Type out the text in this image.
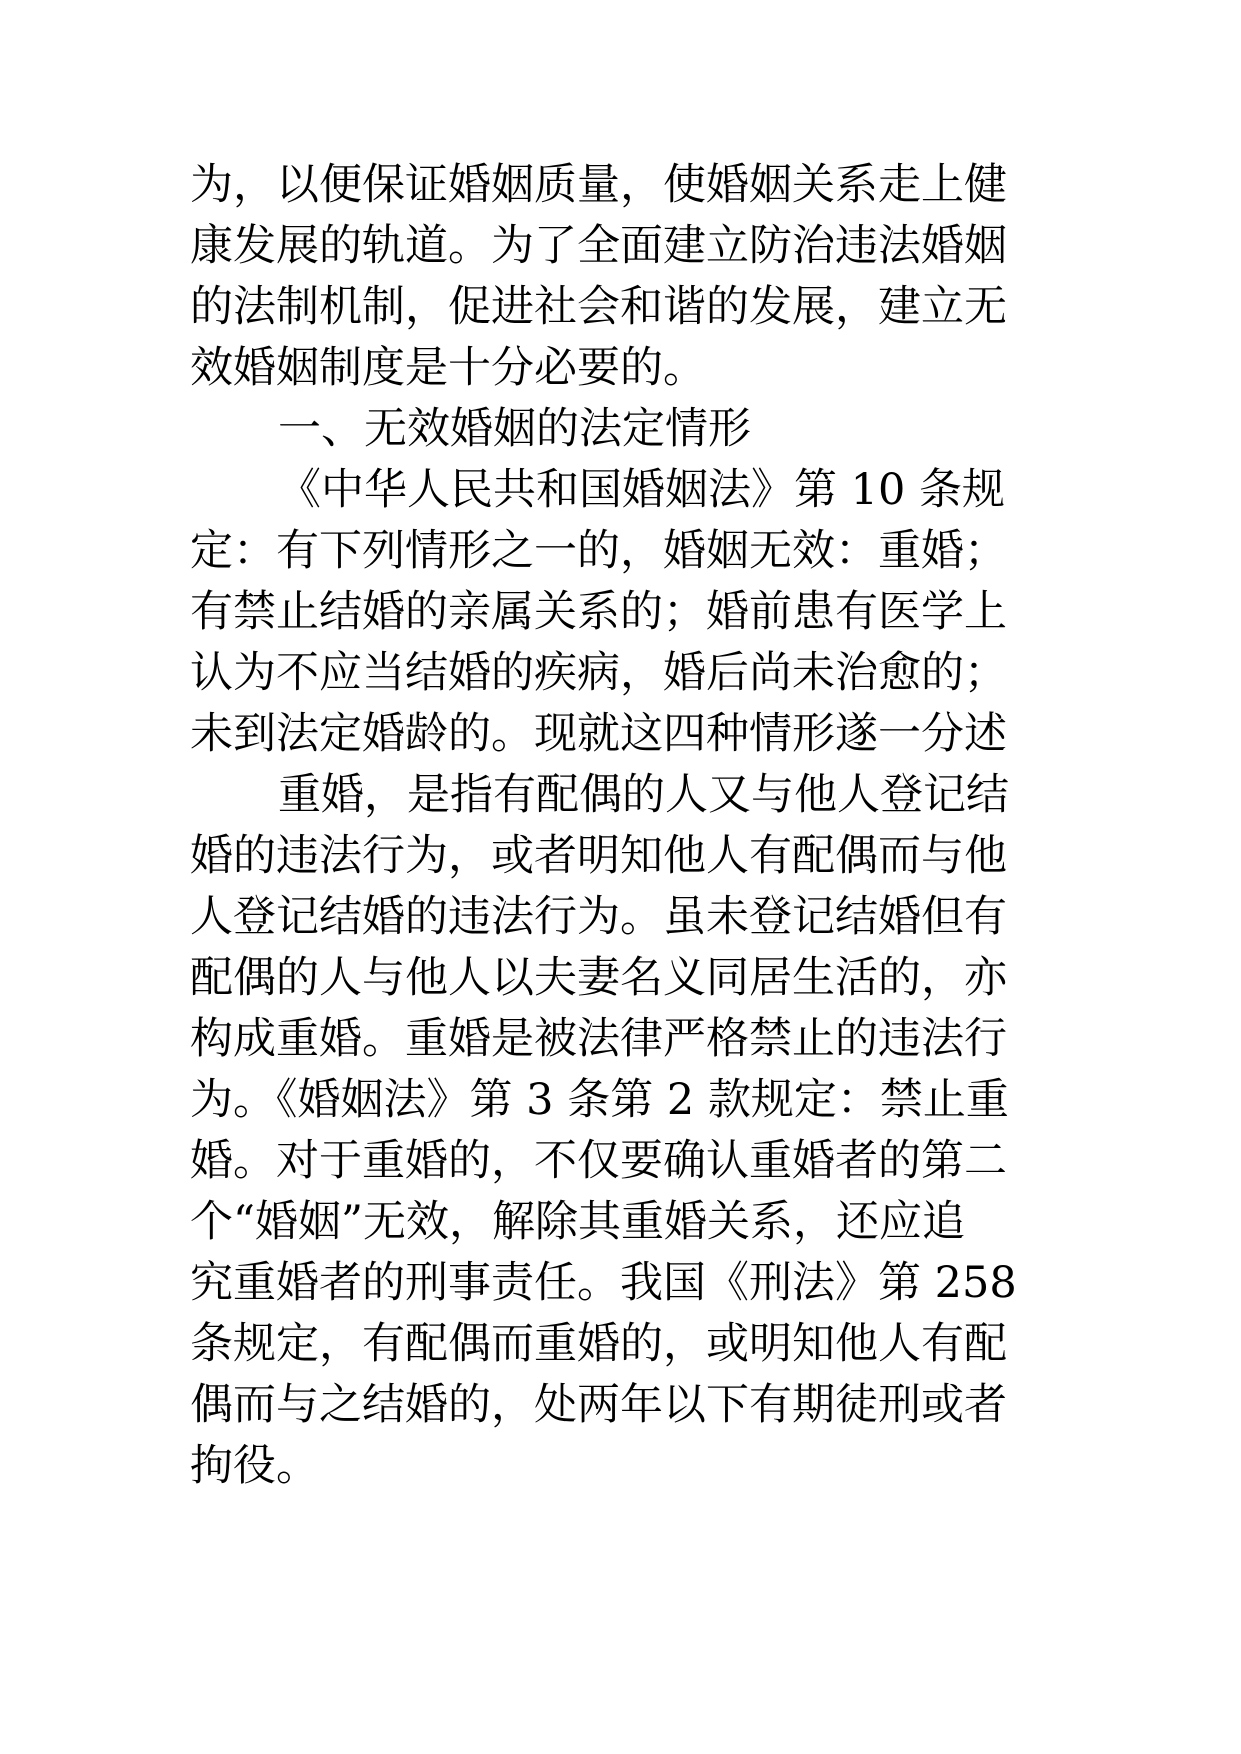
为，以便保证婚姻质量，使婚姻关系走上健
康发展的轨道。为了全面建立防治违法婚姻
的法制机制，促进社会和谐的发展，建立无
效婚姻制度是十分必要的。
一、无效婚姻的法定情形
《中华人民共和国婚姻法》第 10 条规
定：有下列情形之一的，婚姻无效：重婚；
有禁止结婚的亲属关系的；婚前患有医学上
认为不应当结婚的疾病，婚后尚未治愈的；
未到法定婚龄的。现就这四种情形遂一分述
重婚，是指有配偶的人又与他人登记结
婚的违法行为，或者明知他人有配偶而与他
人登记结婚的违法行为。虽未登记结婚但有
配偶的人与他人以夫妻名义同居生活的，亦
构成重婚。重婚是被法律严格禁止的违法行
为。《婚姻法》第 3 条第 2 款规定：禁止重
婚。对于重婚的，不仅要确认重婚者的第二
个“婚姻”无效，解除其重婚关系，还应追
究重婚者的刑事责任。我国《刑法》第 258
条规定，有配偶而重婚的，或明知他人有配
偶而与之结婚的，处两年以下有期徒刑或者
拘役。
